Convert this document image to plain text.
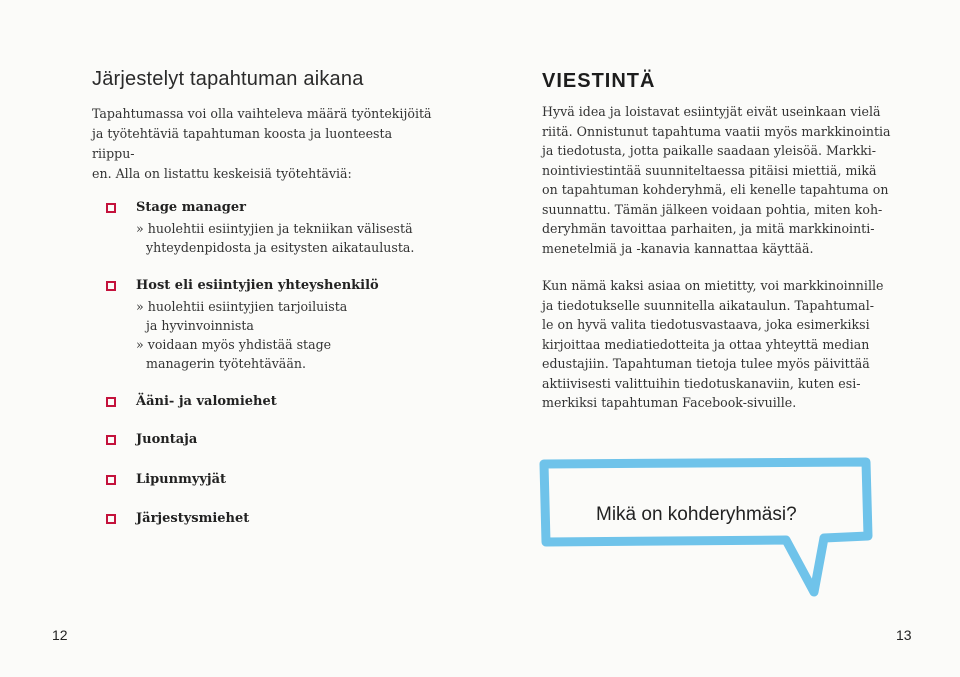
Järjestelyt tapahtuman aikana
Tapahtumassa voi olla vaihteleva määrä työntekijöitä
ja työtehtäviä tapahtuman koosta ja luonteesta riippu-
en. Alla on listattu keskeisiä työtehtäviä:
Stage manager
» huolehtii esiintyjien ja tekniikan välisestä
yhteydenpidosta ja esitysten aikataulusta.
Host eli esiintyjien yhteyshenkilö
» huolehtii esiintyjien tarjoiluista
ja hyvinvoinnista
» voidaan myös yhdistää stage
managerin työtehtävään.
Ääni- ja valomiehet
Juontaja
Lipunmyyjät
Järjestysmiehet
12
VIESTINTÄ
Hyvä idea ja loistavat esiintyjät eivät useinkaan vielä
riitä. Onnistunut tapahtuma vaatii myös markkinointia
ja tiedotusta, jotta paikalle saadaan yleisöä. Markki-
nointiviestintää suunniteltaessa pitäisi miettiä, mikä
on tapahtuman kohderyhmä, eli kenelle tapahtuma on
suunnattu. Tämän jälkeen voidaan pohtia, miten koh-
deryhmän tavoittaa parhaiten, ja mitä markkinointi-
menetelmiä ja -kanavia kannattaa käyttää.
Kun nämä kaksi asiaa on mietitty, voi markkinoinnille
ja tiedotukselle suunnitella aikataulun. Tapahtumal-
le on hyvä valita tiedotusvastaava, joka esimerkiksi
kirjoittaa mediatiedotteita ja ottaa yhteyttä median
edustajiin. Tapahtuman tietoja tulee myös päivittää
aktiivisesti valittuihin tiedotuskanaviin, kuten esi-
merkiksi tapahtuman Facebook-sivuille.
Mikä on kohderyhmäsi?
13
